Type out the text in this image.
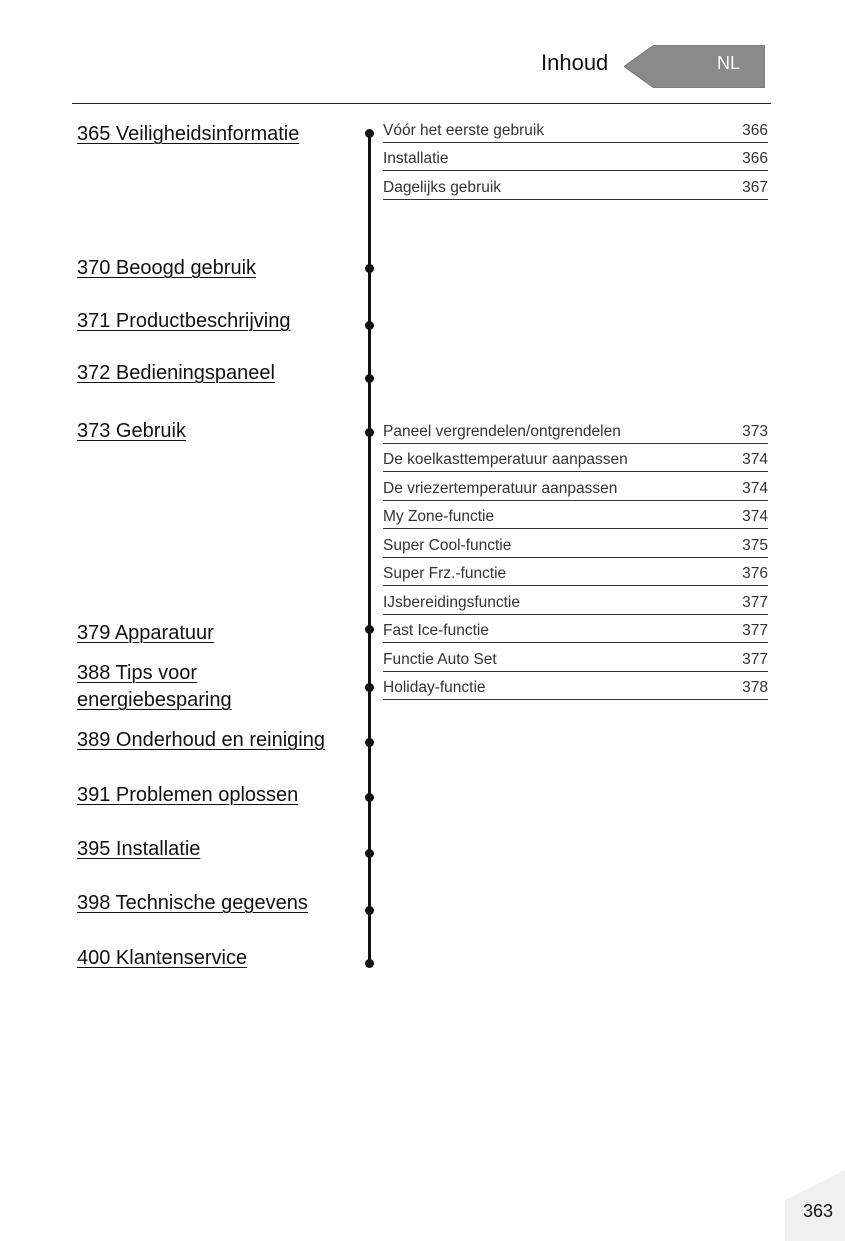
Inhoud	NL
365 Veiligheidsinformatie
370 Beoogd gebruik
371 Productbeschrijving
372 Bedieningspaneel
373 Gebruik
379 Apparatuur
388 Tips voor energiebesparing
389 Onderhoud en reiniging
391 Problemen oplossen
395 Installatie
398 Technische gegevens
400 Klantenservice
Vóór het eerste gebruik	366
Installatie	366
Dagelijks gebruik	367
Paneel vergrendelen/ontgrendelen	373
De koelkasttemperatuur aanpassen	374
De vriezertemperatuur aanpassen	374
My Zone-functie	374
Super Cool-functie	375
Super Frz.-functie	376
IJsbereidingsfunctie	377
Fast Ice-functie	377
Functie Auto Set	377
Holiday-functie	378
363
